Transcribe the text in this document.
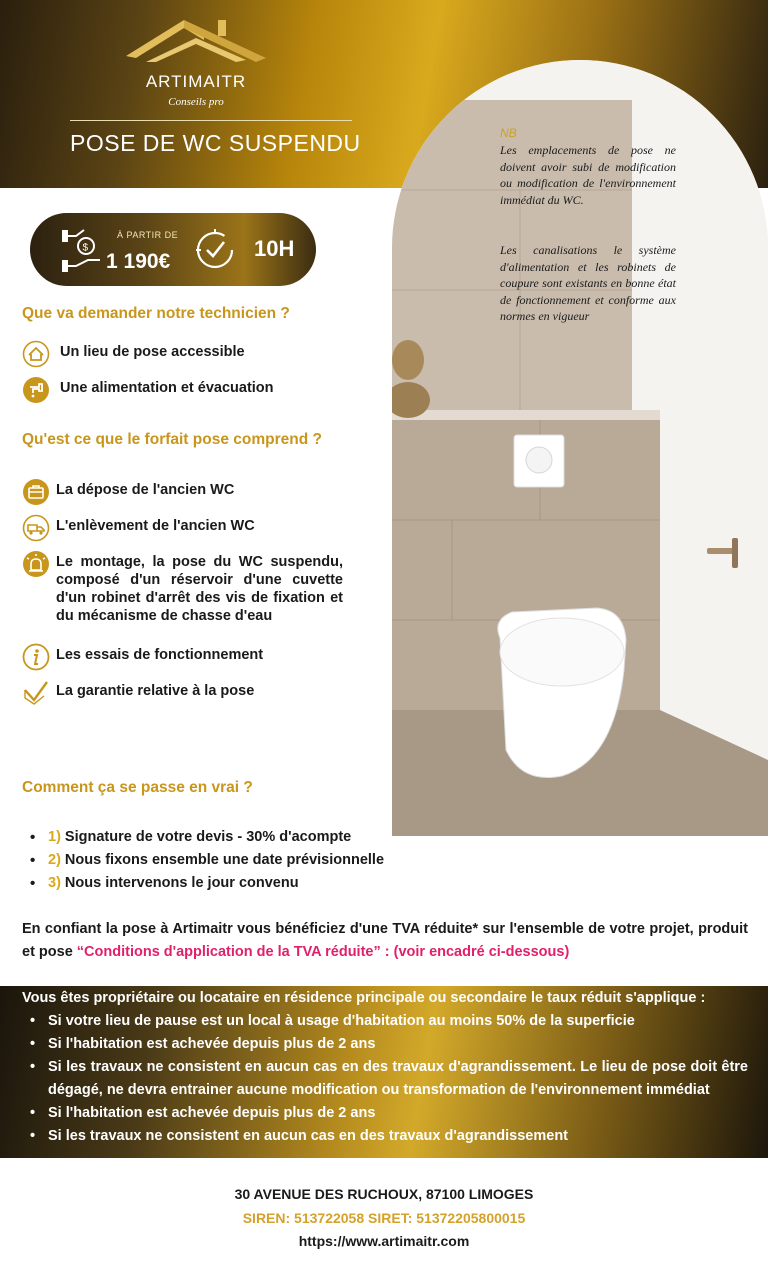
ARTIMAITR
Conseils pro
POSE DE WC SUSPENDU	NB
Les emplacements de pose ne doivent avoir subi de modification ou modification de l'environnement immédiat du WC.
Les canalisations le système d'alimentation et les robinets de coupure sont existants en bonne état de fonctionnement et conforme aux normes en vigueur
$
À PARTIR DE
1 190€
10H
Que va demander notre technicien ?
Un lieu de pose accessible
Une alimentation et évacuation
Qu'est ce que le forfait pose comprend ?
La dépose de l'ancien WC
L'enlèvement de l'ancien WC
Le montage, la pose du WC suspendu, composé d'un réservoir d'une cuvette d'un robinet d'arrêt des vis de fixation et du mécanisme de chasse d'eau
Les essais de fonctionnement
La garantie relative à la pose
Comment ça se passe en vrai ?
• 1) Signature de votre devis - 30% d'acompte
• 2) Nous fixons ensemble une date prévisionnelle
• 3) Nous intervenons le jour convenu
En confiant la pose à Artimaitr vous bénéficiez d'une TVA réduite* sur l'ensemble de votre projet, produit et pose “Conditions d'application de la TVA réduite” : (voir encadré ci-dessous)
Vous êtes propriétaire ou locataire en résidence principale ou secondaire le taux réduit s'applique :
• Si votre lieu de pause est un local à usage d'habitation au moins 50% de la superficie
• Si l'habitation est achevée depuis plus de 2 ans
• Si les travaux ne consistent en aucun cas en des travaux d'agrandissement. Le lieu de pose doit être dégagé, ne devra entrainer aucune modification ou transformation de l'environnement immédiat
• Si l'habitation est achevée depuis plus de 2 ans
• Si les travaux ne consistent en aucun cas en des travaux d'agrandissement
30 AVENUE DES RUCHOUX, 87100 LIMOGES
SIREN: 513722058 SIRET: 51372205800015
https://www.artimaitr.com
